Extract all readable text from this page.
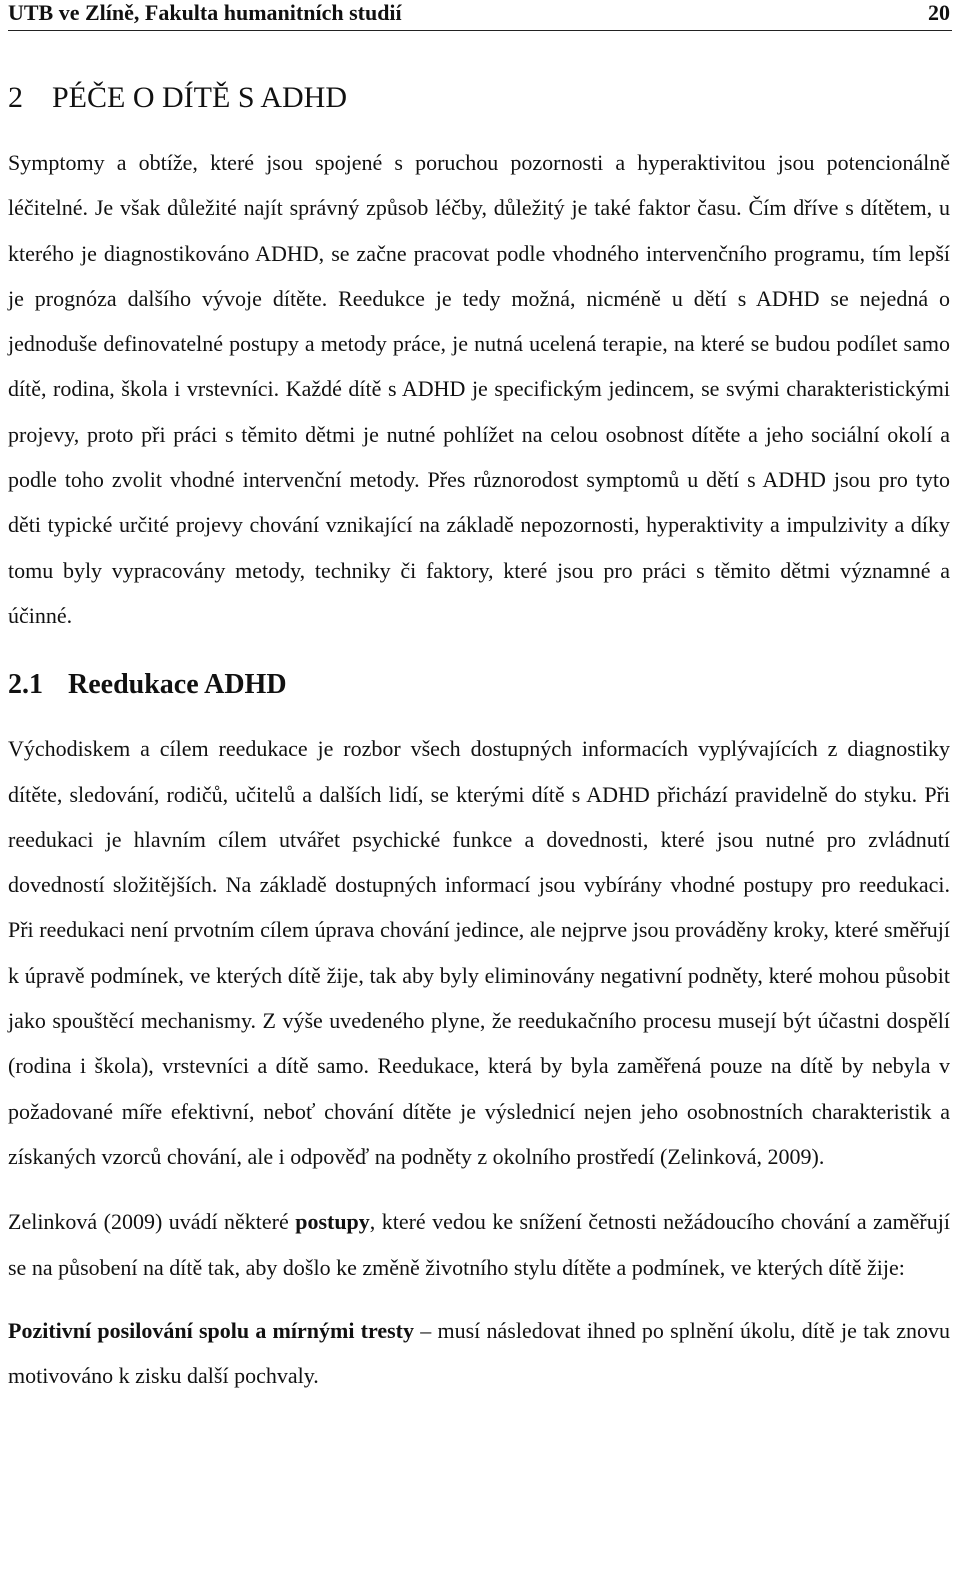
UTB ve Zlíně, Fakulta humanitních studií	20
2 PÉČE O DÍTĚ S ADHD

Symptomy a obtíže, které jsou spojené s poruchou pozornosti a hyperaktivitou jsou potencionálně léčitelné. Je však důležité najít správný způsob léčby, důležitý je také faktor času. Čím dříve s dítětem, u kterého je diagnostikováno ADHD, se začne pracovat podle vhodného intervenčního programu, tím lepší je prognóza dalšího vývoje dítěte. Reedukce je tedy možná, nicméně u dětí s ADHD se nejedná o jednoduše definovatelné postupy a metody práce, je nutná ucelená terapie, na které se budou podílet samo dítě, rodina, škola i vrstevníci. Každé dítě s ADHD je specifickým jedincem, se svými charakteristickými projevy, proto při práci s těmito dětmi je nutné pohlížet na celou osobnost dítěte a jeho sociální okolí a podle toho zvolit vhodné intervenční metody. Přes různorodost symptomů u dětí s ADHD jsou pro tyto děti typické určité projevy chování vznikající na základě nepozornosti, hyperaktivity a impulzivity a díky tomu byly vypracovány metody, techniky či faktory, které jsou pro práci s těmito dětmi významné a účinné.

2.1 Reedukace ADHD

Východiskem a cílem reedukace je rozbor všech dostupných informacích vyplývajících z diagnostiky dítěte, sledování, rodičů, učitelů a dalších lidí, se kterými dítě s ADHD přichází pravidelně do styku. Při reedukaci je hlavním cílem utvářet psychické funkce a dovednosti, které jsou nutné pro zvládnutí dovedností složitějších. Na základě dostupných informací jsou vybírány vhodné postupy pro reedukaci. Při reedukaci není prvotním cílem úprava chování jedince, ale nejprve jsou prováděny kroky, které směřují k úpravě podmínek, ve kterých dítě žije, tak aby byly eliminovány negativní podněty, které mohou působit jako spouštěcí mechanismy. Z výše uvedeného plyne, že reedukačního procesu musejí být účastni dospělí (rodina i škola), vrstevníci a dítě samo. Reedukace, která by byla zaměřená pouze na dítě by nebyla v požadované míře efektivní, neboť chování dítěte je výslednicí nejen jeho osobnostních charakteristik a získaných vzorců chování, ale i odpověď na podněty z okolního prostředí (Zelinková, 2009).

Zelinková (2009) uvádí některé postupy, které vedou ke snížení četnosti nežádoucího chování a zaměřují se na působení na dítě tak, aby došlo ke změně životního stylu dítěte a podmínek, ve kterých dítě žije:

Pozitivní posilování spolu a mírnými tresty – musí následovat ihned po splnění úkolu, dítě je tak znovu motivováno k zisku další pochvaly.
